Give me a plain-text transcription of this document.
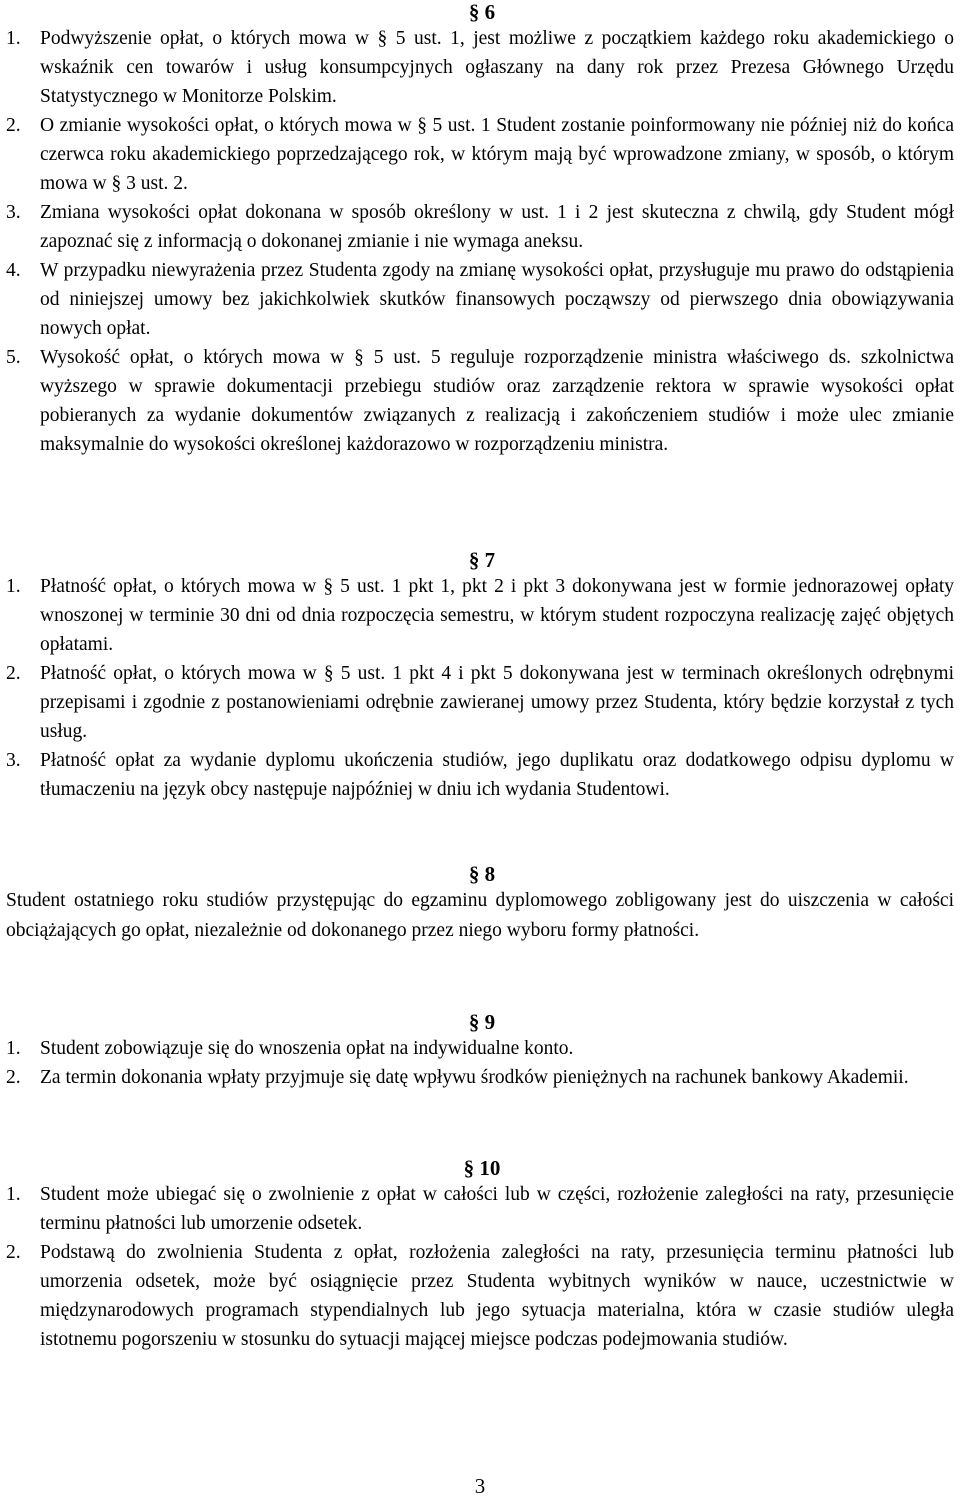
§ 6
1. Podwyższenie opłat, o których mowa w § 5 ust. 1, jest możliwe z początkiem każdego roku akademickiego o wskaźnik cen towarów i usług konsumpcyjnych ogłaszany na dany rok przez Prezesa Głównego Urzędu Statystycznego w Monitorze Polskim.
2. O zmianie wysokości opłat, o których mowa w § 5 ust. 1 Student zostanie poinformowany nie później niż do końca czerwca roku akademickiego poprzedzającego rok, w którym mają być wprowadzone zmiany, w sposób, o którym mowa w § 3 ust. 2.
3. Zmiana wysokości opłat dokonana w sposób określony w ust. 1 i 2 jest skuteczna z chwilą, gdy Student mógł zapoznać się z informacją o dokonanej zmianie i nie wymaga aneksu.
4. W przypadku niewyrażenia przez Studenta zgody na zmianę wysokości opłat, przysługuje mu prawo do odstąpienia od niniejszej umowy bez jakichkolwiek skutków finansowych począwszy od pierwszego dnia obowiązywania nowych opłat.
5. Wysokość opłat, o których mowa w § 5 ust. 5 reguluje rozporządzenie ministra właściwego ds. szkolnictwa wyższego w sprawie dokumentacji przebiegu studiów oraz zarządzenie rektora w sprawie wysokości opłat pobieranych za wydanie dokumentów związanych z realizacją i zakończeniem studiów i może ulec zmianie maksymalnie do wysokości określonej każdorazowo w rozporządzeniu ministra.
§ 7
1. Płatność opłat, o których mowa w § 5 ust. 1 pkt 1, pkt 2 i pkt 3 dokonywana jest w formie jednorazowej opłaty wnoszonej w terminie 30 dni od dnia rozpoczęcia semestru, w którym student rozpoczyna realizację zajęć objętych opłatami.
2. Płatność opłat, o których mowa w § 5 ust. 1 pkt 4 i pkt 5 dokonywana jest w terminach określonych odrębnymi przepisami i zgodnie z postanowieniami odrębnie zawieranej umowy przez Studenta, który będzie korzystał z tych usług.
3. Płatność opłat za wydanie dyplomu ukończenia studiów, jego duplikatu oraz dodatkowego odpisu dyplomu w tłumaczeniu na język obcy następuje najpóźniej w dniu ich wydania Studentowi.
§ 8
Student ostatniego roku studiów przystępując do egzaminu dyplomowego zobligowany jest do uiszczenia w całości obciążających go opłat, niezależnie od dokonanego przez niego wyboru formy płatności.
§ 9
1. Student zobowiązuje się do wnoszenia opłat na indywidualne konto.
2. Za termin dokonania wpłaty przyjmuje się datę wpływu środków pieniężnych na rachunek bankowy Akademii.
§ 10
1. Student może ubiegać się o zwolnienie z opłat w całości lub w części, rozłożenie zaległości na raty, przesunięcie terminu płatności lub umorzenie odsetek.
2. Podstawą do zwolnienia Studenta z opłat, rozłożenia zaległości na raty, przesunięcia terminu płatności lub umorzenia odsetek, może być osiągnięcie przez Studenta wybitnych wyników w nauce, uczestnictwie w międzynarodowych programach stypendialnych lub jego sytuacja materialna, która w czasie studiów uległa istotnemu pogorszeniu w stosunku do sytuacji mającej miejsce podczas podejmowania studiów.
3
